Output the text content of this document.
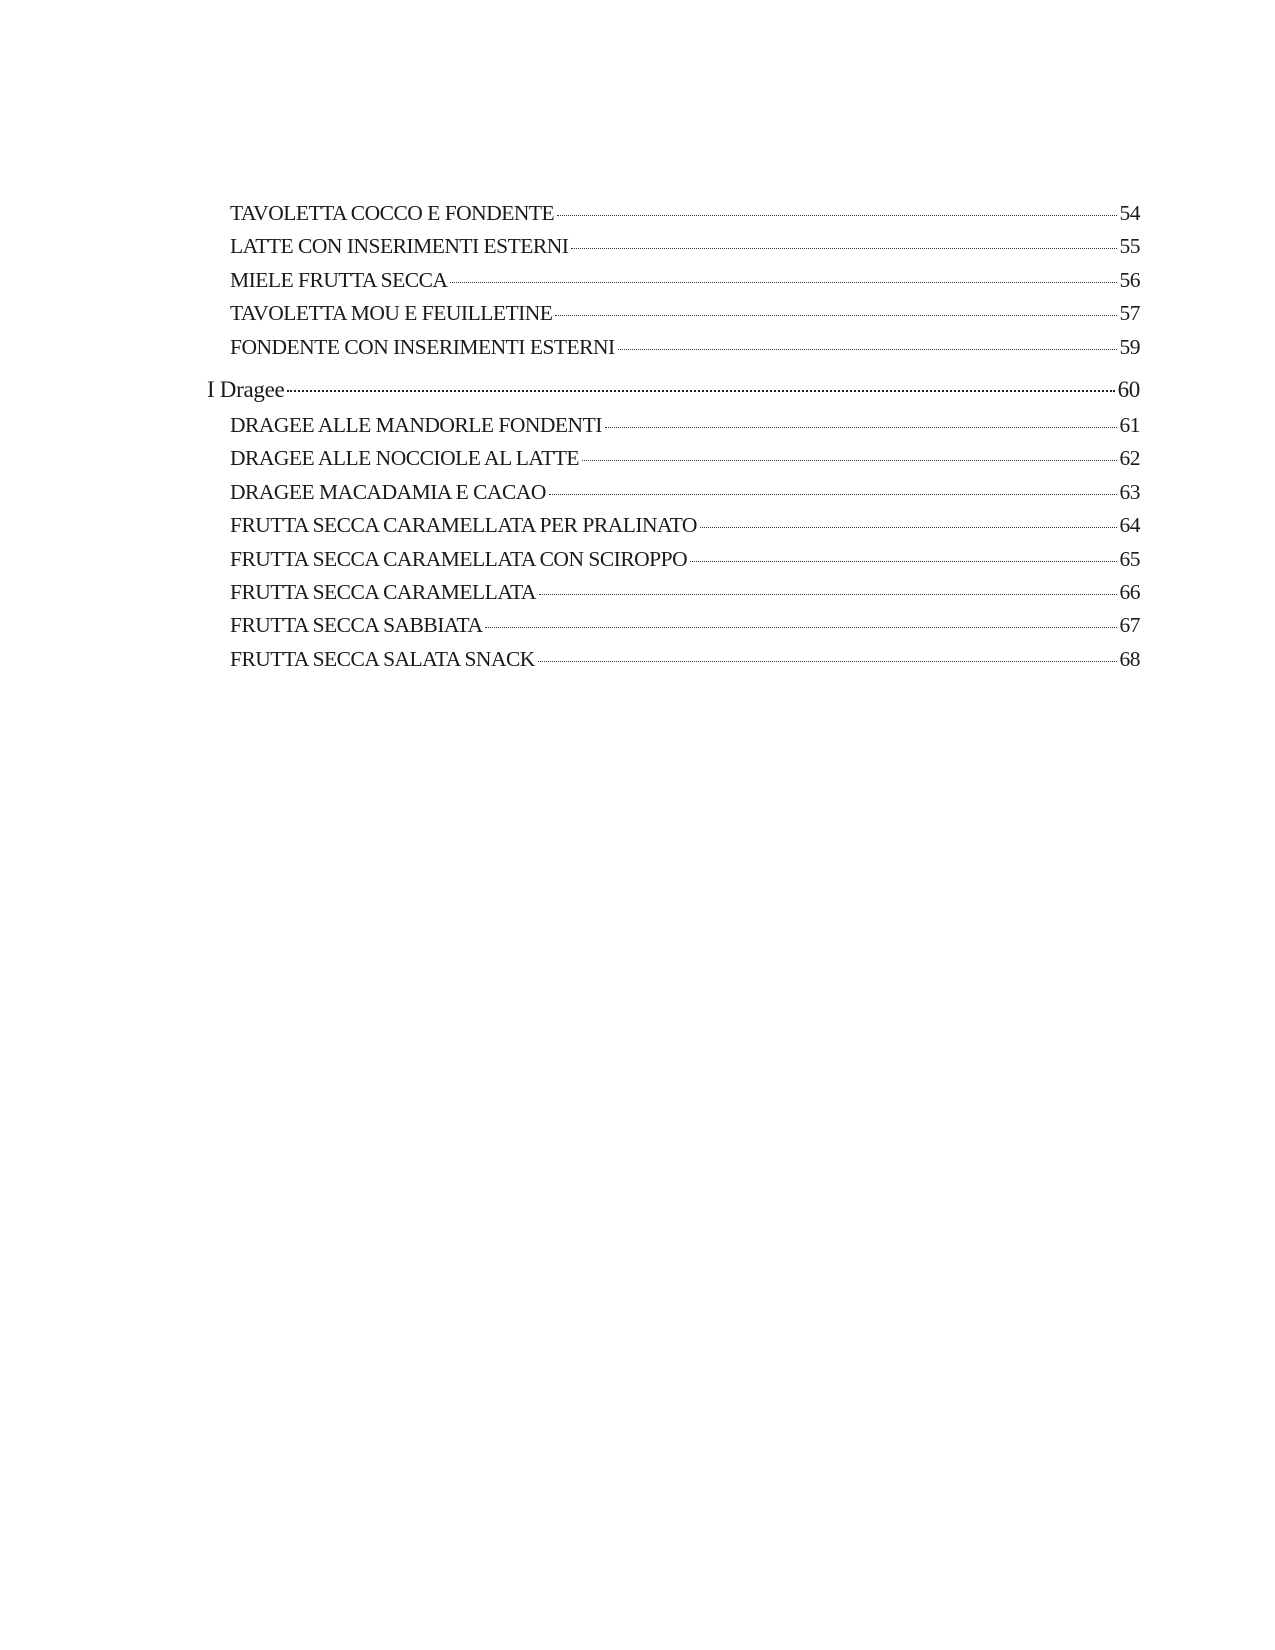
TAVOLETTA COCCO E FONDENTE	54
LATTE CON INSERIMENTI ESTERNI	55
MIELE FRUTTA SECCA	56
TAVOLETTA MOU E FEUILLETINE	57
FONDENTE CON INSERIMENTI ESTERNI	59
I Dragee	60
DRAGEE ALLE MANDORLE FONDENTI	61
DRAGEE ALLE NOCCIOLE AL LATTE	62
DRAGEE MACADAMIA E CACAO	63
FRUTTA SECCA CARAMELLATA PER PRALINATO	64
FRUTTA SECCA CARAMELLATA CON SCIROPPO	65
FRUTTA SECCA CARAMELLATA	66
FRUTTA SECCA SABBIATA	67
FRUTTA SECCA SALATA SNACK	68
